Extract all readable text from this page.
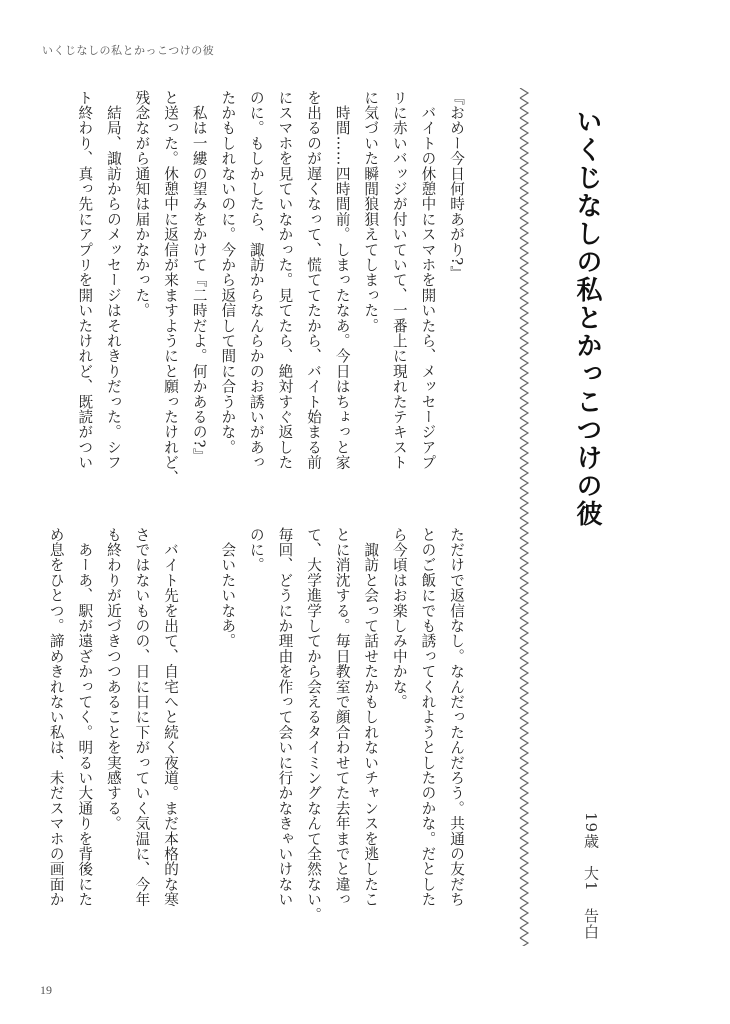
いくじなしの私とかっこつけの彼
いくじなしの私とかっこつけの彼
19歳　大1　告白
『おめー今日何時あがり?』
　バイトの休憩中にスマホを開いたら、メッセージアプ
リに赤いバッジが付いていて、一番上に現れたテキスト
に気づいた瞬間狼狽えてしまった。
　時間……四時間前。しまったなあ。今日はちょっと家
を出るのが遅くなって、慌ててたから、バイト始まる前
にスマホを見ていなかった。見てたら、絶対すぐ返した
のに。もしかしたら、諏訪からなんらかのお誘いがあっ
たかもしれないのに。今から返信して間に合うかな。
　私は一縷の望みをかけて『二時だよ。何かあるの?』
と送った。休憩中に返信が来ますようにと願ったけれど、
残念ながら通知は届かなかった。
　結局、諏訪からのメッセージはそれきりだった。シフ
ト終わり、真っ先にアプリを開いたけれど、既読がつい
ただけで返信なし。なんだったんだろう。共通の友だち
とのご飯にでも誘ってくれようとしたのかな。だとした
ら今頃はお楽しみ中かな。
　諏訪と会って話せたかもしれないチャンスを逃したこ
とに消沈する。毎日教室で顔合わせてた去年までと違っ
て、大学進学してから会えるタイミングなんて全然ない。
毎回、どうにか理由を作って会いに行かなきゃいけない
のに。
　会いたいなあ。

　バイト先を出て、自宅へと続く夜道。まだ本格的な寒
さではないものの、日に日に下がっていく気温に、今年
も終わりが近づきつつあることを実感する。
　あーあ、駅が遠ざかってく。明るい大通りを背後にた
め息をひとつ。諦めきれない私は、未だスマホの画面か
19
